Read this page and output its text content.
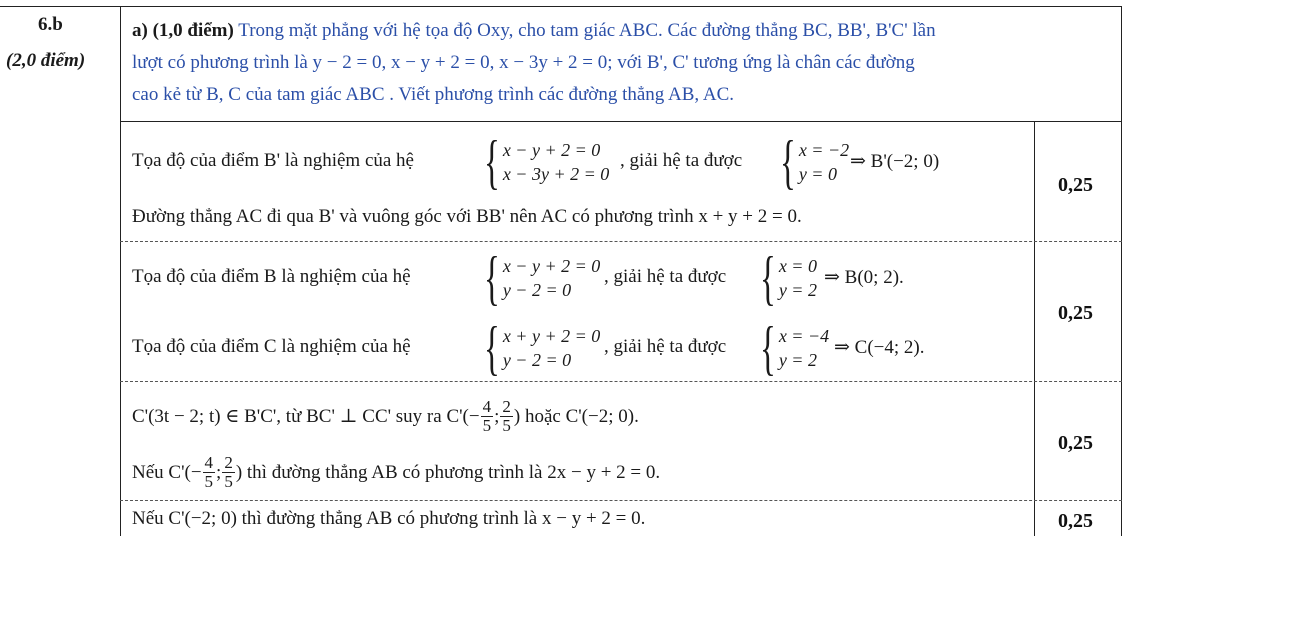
6.b
(2,0 điểm)
a) (1,0 điểm) Trong mặt phẳng với hệ tọa độ Oxy, cho tam giác ABC. Các đường thẳng BC, BB', B'C' lần
lượt có phương trình là y − 2 = 0, x − y + 2 = 0, x − 3y + 2 = 0; với B', C' tương ứng là chân các đường
cao kẻ từ B, C của tam giác ABC . Viết phương trình các đường thẳng AB, AC.
Tọa độ của điểm B' là nghiệm của hệ { x − y + 2 = 0
x − 3y + 2 = 0
, giải hệ ta được { x = −2
y = 0
⇒ B'(−2; 0)
Đường thẳng AC đi qua B' và vuông góc với BB' nên AC có phương trình x + y + 2 = 0.
0,25
Tọa độ của điểm B là nghiệm của hệ { x − y + 2 = 0
y − 2 = 0
, giải hệ ta được { x = 0
y = 2
⇒ B(0; 2).
Tọa độ của điểm C là nghiệm của hệ { x + y + 2 = 0
y − 2 = 0
, giải hệ ta được { x = −4
y = 2
⇒ C(−4; 2).
0,25
C'(3t − 2; t) ∈ B'C', từ BC' ⊥ CC' suy ra $C'(- \frac{4}{5}$ ; $\frac{2}{5}$ ) hoặc C'(−2; 0).
Nếu $C'(- \frac{4}{5}$ ; $\frac{2}{5}$ ) thì đường thẳng AB có phương trình là 2x − y + 2 = 0.
0,25
Nếu C'(−2; 0) thì đường thẳng AB có phương trình là x − y + 2 = 0.	0,25
